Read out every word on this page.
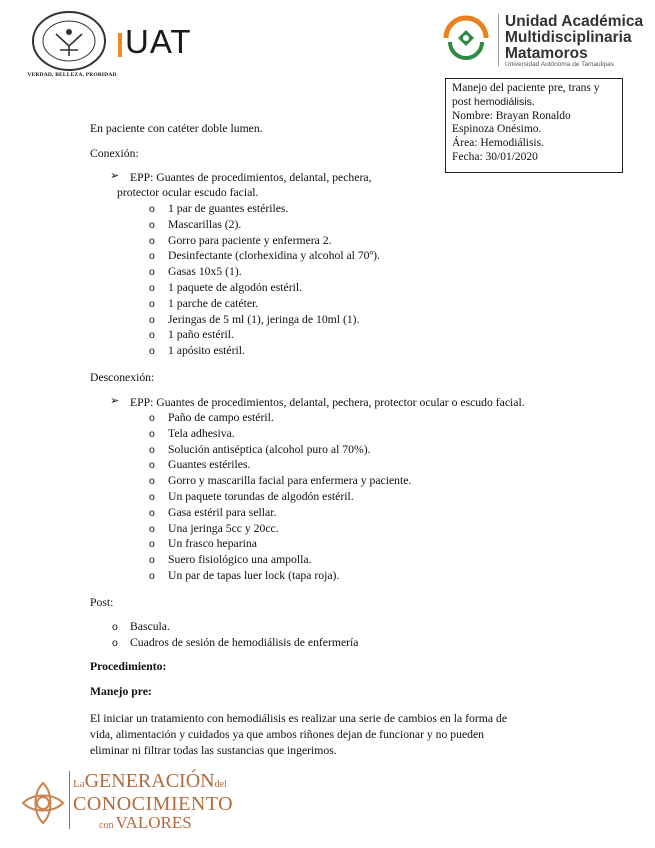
VERDAD, BELLEZA, PROBIDAD
UAT
Unidad Académica
Multidisciplinaria
Matamoros
Universidad Autónoma de Tamaulipas
Manejo del paciente pre, trans y
post hemodiálisis.
Nombre: Brayan Ronaldo
Espinoza Onésimo.
Área: Hemodiálisis.
Fecha: 30/01/2020
En paciente con catéter doble lumen.
Conexión:
➢ EPP: Guantes de procedimientos, delantal, pechera,
protector ocular escudo facial.
o 1 par de guantes estériles.
o Mascarillas (2).
o Gorro para paciente y enfermera 2.
o Desinfectante (clorhexidina y alcohol al 70º).
o Gasas 10x5 (1).
o 1 paquete de algodón estéril.
o 1 parche de catéter.
o Jeringas de 5 ml (1), jeringa de 10ml (1).
o 1 paño estéril.
o 1 apósito estéril.
Desconexión:
➢ EPP: Guantes de procedimientos, delantal, pechera, protector ocular o escudo facial.
o Paño de campo estéril.
o Tela adhesiva.
o Solución antiséptica (alcohol puro al 70%).
o Guantes estériles.
o Gorro y mascarilla facial para enfermera y paciente.
o Un paquete torundas de algodón estéril.
o Gasa estéril para sellar.
o Una jeringa 5cc y 20cc.
o Un frasco heparina
o Suero fisiológico una ampolla.
o Un par de tapas luer lock (tapa roja).
Post:
o Bascula.
o Cuadros de sesión de hemodiálisis de enfermería
Procedimiento:
Manejo pre:
El iniciar un tratamiento con hemodiálisis es realizar una serie de cambios en la forma de
vida, alimentación y cuidados ya que ambos riñones dejan de funcionar y no pueden
eliminar ni filtrar todas las sustancias que ingerimos.
LaGENERACIÓNdel
CONOCIMIENTO
con VALORES
